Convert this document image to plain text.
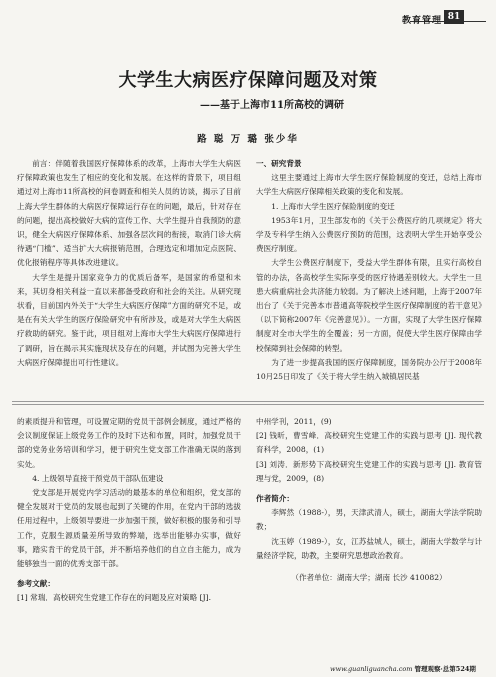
教育管理 81
大学生大病医疗保障问题及对策
——基于上海市11所高校的调研
路 聪 万 璐 张少华

前言：伴随着我国医疗保障体系的改革，上海市大学生大病医疗保障政策也发生了相应的变化和发展。在这样的背景下，项目组通过对上海市11所高校的问卷调查和相关人员的访谈，揭示了目前上海大学生群体的大病医疗保障运行存在的问题，最后，针对存在的问题，提出高校做好大病的宣传工作、大学生提升自我预防的意识，健全大病医疗保障体系、加强各层次间的衔接，取消门诊大病待遇“门槛”、适当扩大大病报销范围，合理选定和增加定点医院、优化报销程序等具体改进建议。

大学生是提升国家竞争力的优质后备军，是国家的希望和未来，其切身相关利益一直以来都备受政府和社会的关注。从研究现状看，目前国内外关于“大学生大病医疗保障”方面的研究不足，或是在有关大学生的医疗保险研究中有所涉及，或是对大学生大病医疗救助的研究。鉴于此，项目组对上海市大学生大病医疗保障进行了调研，旨在揭示其实施现状及存在的问题，并试图为完善大学生大病医疗保障提出可行性建议。

一、研究背景

这里主要通过上海市大学生医疗保险制度的变迁，总结上海市大学生大病医疗保障相关政策的变化和发展。

1. 上海市大学生医疗保险制度的变迁

1953年1月，卫生部发布的《关于公费医疗的几项规定》将大学及专科学生纳入公费医疗预防的范围，这表明大学生开始享受公费医疗制度。

大学生公费医疗制度下，受益大学生群体有限，且实行高校自管的办法，各高校学生实际享受的医疗待遇差别较大。大学生一旦患大病重病社会共济能力较弱。为了解决上述问题，上海于2007年出台了《关于完善本市普通高等院校学生医疗保障制度的若干意见》（以下简称2007年《完善意见》）。一方面，实现了大学生医疗保障制度对全市大学生的全覆盖；另一方面，促使大学生医疗保障由学校保障到社会保障的转型。

为了进一步提高我国的医疗保障制度，国务院办公厅于2008年10月25日印发了《关于将大学生纳入城镇居民基

的素质提升和管理，可设置定期的党员干部例会制度，通过严格的会议制度保证上级党务工作的及时下达和布置，同时，加强党员干部的党务业务培训和学习，便于研究生党支部工作准确无误的落到实处。

4. 上级领导直接干预党员干部队伍建设

党支部是开展党内学习活动的最基本的单位和组织，党支部的健全发展对于党员的发展也起到了关键的作用，在党内干部的选拔任用过程中，上级领导要进一步加强干预，做好积极的服务和引导工作，克服生源质量差所导致的弊端，选举出能够办实事，做好事，踏实肯干的党员干部，并不断培养他们的自立自主能力，成为能够独当一面的优秀支部干部。

参考文献：

[1] 常瑞．高校研究生党建工作存在的问题及应对策略 [J].

中州学刊，2011，(9)

[2] 钱昕，曹雪峰．高校研究生党建工作的实践与思考 [J]. 现代教育科学，2008，(1)

[3] 刘涛．新形势下高校研究生党建工作的实践与思考 [J]. 教育管理与党，2009，(8)

作者简介：

李辉然（1988-），男，天津武清人，硕士，湖南大学法学院助教；

沈玉婷（1989-），女，江苏盐城人，硕士，湖南大学数学与计量经济学院，助教，主要研究思想政治教育。

（作者单位：湖南大学；湖南 长沙 410082）

www.guanliguancha.com 管理观察·总第524期
